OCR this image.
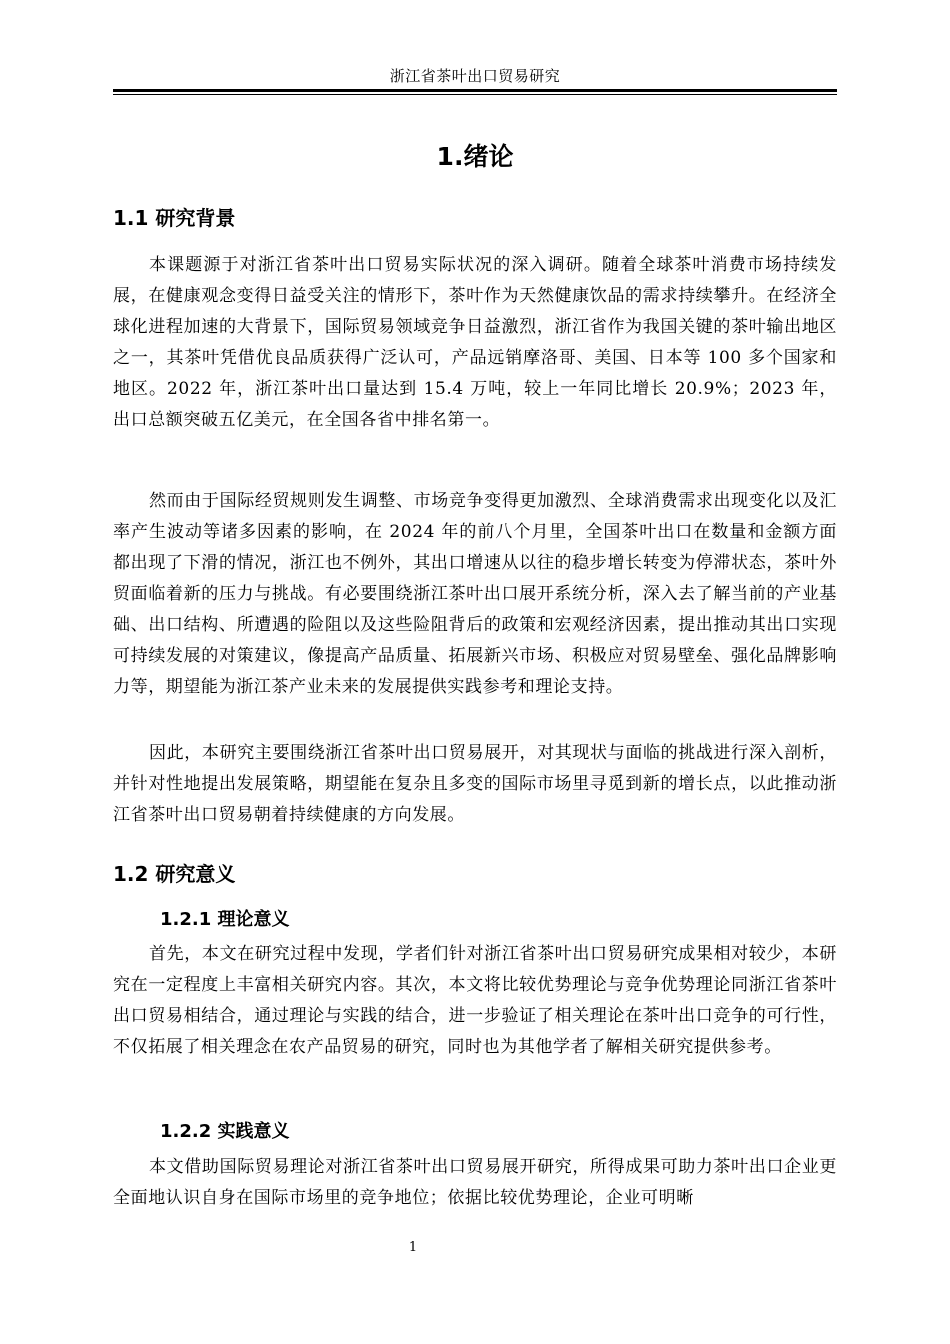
浙江省茶叶出口贸易研究
1.绪论
1.1 研究背景

本课题源于对浙江省茶叶出口贸易实际状况的深入调研。随着全球茶叶消费市场持续发展，在健康观念变得日益受关注的情形下，茶叶作为天然健康饮品的需求持续攀升。在经济全球化进程加速的大背景下，国际贸易领域竞争日益激烈，浙江省作为我国关键的茶叶输出地区之一，其茶叶凭借优良品质获得广泛认可，产品远销摩洛哥、美国、日本等 100 多个国家和地区。2022 年，浙江茶叶出口量达到 15.4 万吨，较上一年同比增长 20.9%；2023 年，出口总额突破五亿美元，在全国各省中排名第一。

然而由于国际经贸规则发生调整、市场竞争变得更加激烈、全球消费需求出现变化以及汇率产生波动等诸多因素的影响，在 2024 年的前八个月里，全国茶叶出口在数量和金额方面都出现了下滑的情况，浙江也不例外，其出口增速从以往的稳步增长转变为停滞状态，茶叶外贸面临着新的压力与挑战。有必要围绕浙江茶叶出口展开系统分析，深入去了解当前的产业基础、出口结构、所遭遇的险阻以及这些险阻背后的政策和宏观经济因素，提出推动其出口实现可持续发展的对策建议，像提高产品质量、拓展新兴市场、积极应对贸易壁垒、强化品牌影响力等，期望能为浙江茶产业未来的发展提供实践参考和理论支持。

因此，本研究主要围绕浙江省茶叶出口贸易展开，对其现状与面临的挑战进行深入剖析，并针对性地提出发展策略，期望能在复杂且多变的国际市场里寻觅到新的增长点，以此推动浙江省茶叶出口贸易朝着持续健康的方向发展。

1.2 研究意义
1.2.1 理论意义

首先，本文在研究过程中发现，学者们针对浙江省茶叶出口贸易研究成果相对较少，本研究在一定程度上丰富相关研究内容。其次，本文将比较优势理论与竞争优势理论同浙江省茶叶出口贸易相结合，通过理论与实践的结合，进一步验证了相关理论在茶叶出口竞争的可行性，不仅拓展了相关理念在农产品贸易的研究，同时也为其他学者了解相关研究提供参考。

1.2.2 实践意义

本文借助国际贸易理论对浙江省茶叶出口贸易展开研究，所得成果可助力茶叶出口企业更全面地认识自身在国际市场里的竞争地位；依据比较优势理论，企业可明晰

1
